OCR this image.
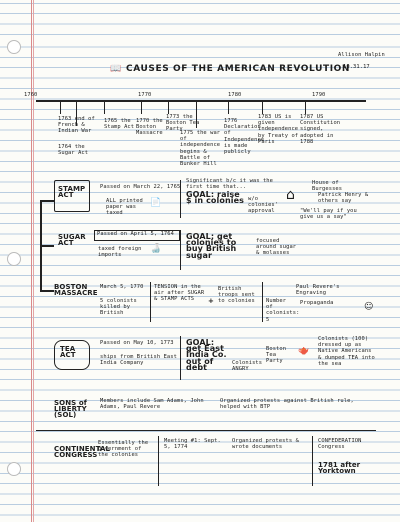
Allison Halpin
10.31.17
📖 CAUSES OF THE AMERICAN REVOLUTION
1760	1770	1780	1790
1763 end of French & Indian War
1765 the Stamp Act
1770 the Boston Massacre
1773 the Boston Tea Party
1775 the war of independence begins & Battle of Bunker Hill
1776 Declaration of Independence is made publicly
1783 US is given independence by Treaty of Paris
1787 US Constitution signed, adopted in 1788
1764 the Sugar Act
STAMP ACT
Passed on March 22, 1765
ALL printed paper was taxed
📄
Significant b/c it was the first time that...
GOAL: raise $ in colonies w/o colonies' approval
⌂
House of Burgesses
Patrick Henry & others say
"We'll pay if you give us a say"
SUGAR ACT
Passed on April 5, 1764
taxed foreign imports
🍶
GOAL: get colonies to buy British sugar
focused around sugar & molasses
BOSTON MASSACRE
March 5, 1770
5 colonists killed by British
TENSION in the air after SUGAR & STAMP ACTS	+
British troops sent to colonies
Paul Revere's Engraving
Number of colonists: 5
Propaganda	☺
TEA ACT
Passed on May 10, 1773
ships from British East India Company
GOAL: get East India Co. out of debt	Colonists ANGRY
Boston Tea Party
🫖
Colonists (100) dressed up as Native Americans & dumped TEA into the sea
SONS of LIBERTY (SOL)
Members include Sam Adams, John Adams, Paul Revere
Organized protests against British rule, helped with BTP
CONTINENTAL CONGRESS
Essentially the government of the colonies
Meeting #1: Sept. 5, 1774
Organized protests & wrote documents
CONFEDERATION Congress
1781 after Yorktown
